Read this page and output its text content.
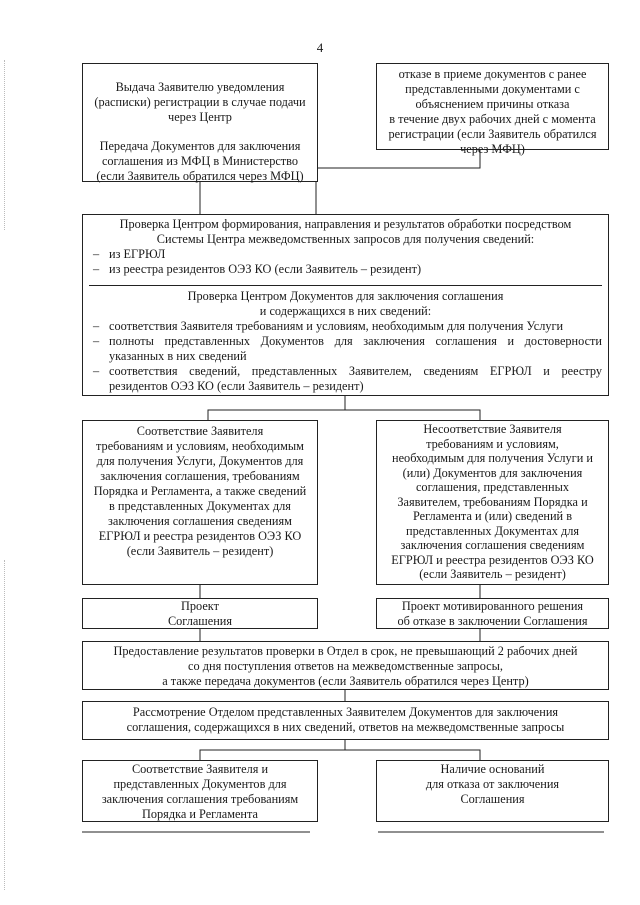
4

Выдача Заявителю уведомления

(расписки) регистрации в случае подачи

через Центр

Передача Документов для заключения

соглашения из МФЦ в Министерство

(если Заявитель обратился через МФЦ)

отказе в приеме документов с ранее

представленными документами с

объяснением причины отказа

в течение двух рабочих дней с момента

регистрации (если Заявитель обратился

через МФЦ)

Проверка Центром формирования, направления и результатов обработки посредством

Системы Центра межведомственных запросов для получения сведений:

– из ЕГРЮЛ
– из реестра резидентов ОЭЗ КО (если Заявитель – резидент)

Проверка Центром Документов для заключения соглашения

и содержащихся в них сведений:

– соответствия Заявителя требованиям и условиям, необходимым для получения Услуги
– полноты представленных Документов для заключения соглашения и достоверности указанных в них сведений
– соответствия сведений, представленных Заявителем, сведениям ЕГРЮЛ и реестру резидентов ОЭЗ КО (если Заявитель – резидент)

Соответствие Заявителя

требованиям и условиям, необходимым

для получения Услуги, Документов для

заключения соглашения, требованиям

Порядка и Регламента, а также сведений

в представленных Документах для

заключения соглашения сведениям

ЕГРЮЛ и реестра резидентов ОЭЗ КО

(если Заявитель – резидент)

Несоответствие Заявителя

требованиям и условиям,

необходимым для получения Услуги и

(или) Документов для заключения

соглашения, представленных

Заявителем, требованиям Порядка и

Регламента и (или) сведений в

представленных Документах для

заключения соглашения сведениям

ЕГРЮЛ и реестра резидентов ОЭЗ КО

(если Заявитель – резидент)

Проект

Соглашения

Проект мотивированного решения

об отказе в заключении Соглашения

Предоставление результатов проверки в Отдел в срок, не превышающий 2 рабочих дней

со дня поступления ответов на межведомственные запросы,

а также передача документов (если Заявитель обратился через Центр)

Рассмотрение Отделом представленных Заявителем Документов для заключения

соглашения, содержащихся в них сведений, ответов на межведомственные запросы

Соответствие Заявителя и

представленных Документов для

заключения соглашения требованиям

Порядка и Регламента

Наличие оснований

для отказа от заключения

Соглашения
